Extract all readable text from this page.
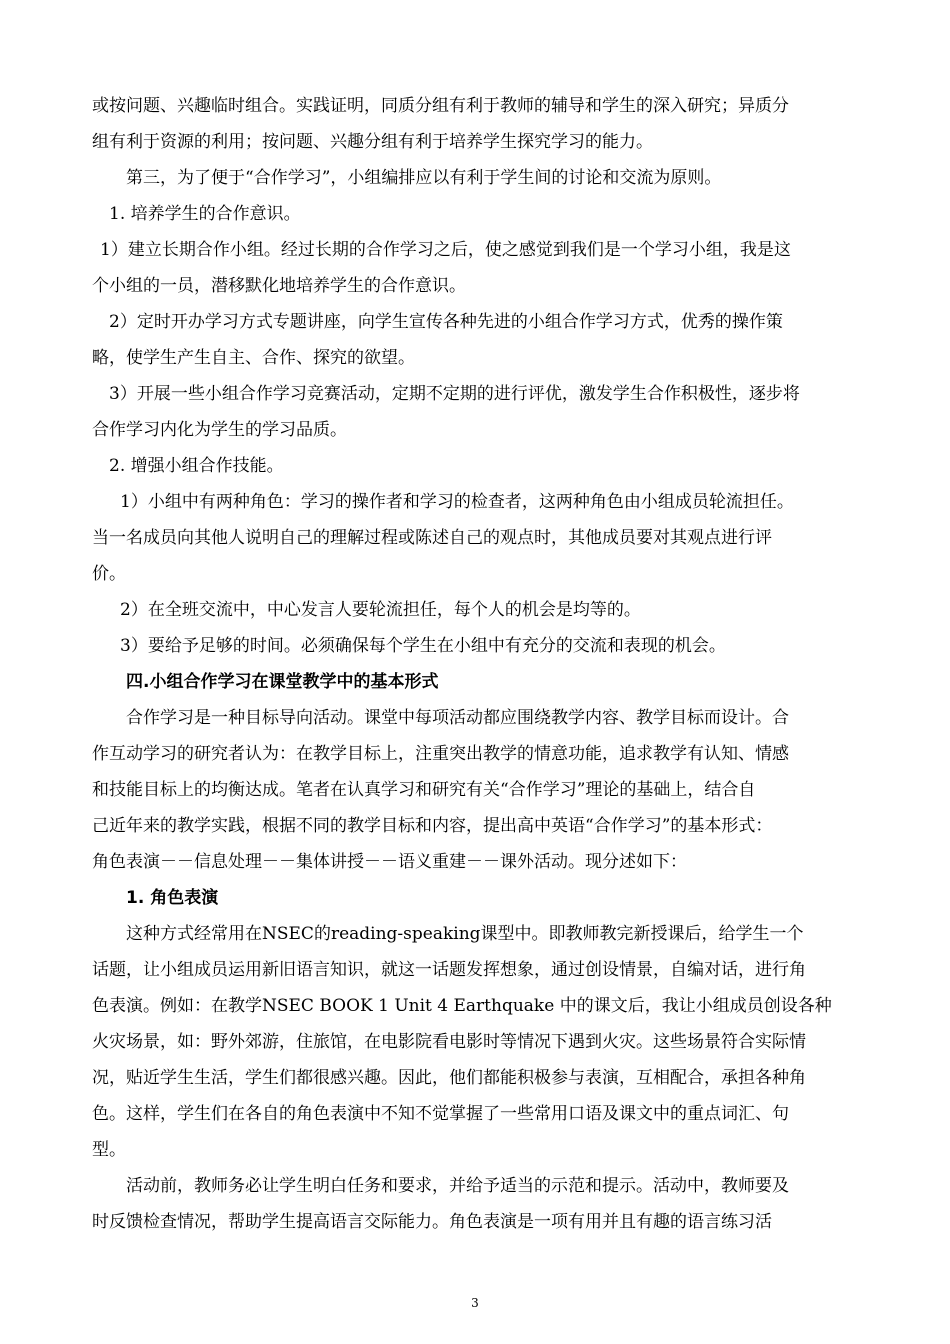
或按问题、兴趣临时组合。实践证明，同质分组有利于教师的辅导和学生的深入研究；异质分
组有利于资源的利用；按问题、兴趣分组有利于培养学生探究学习的能力。
第三，为了便于“合作学习”，小组编排应以有利于学生间的讨论和交流为原则。
1. 培养学生的合作意识。
1）建立长期合作小组。经过长期的合作学习之后，使之感觉到我们是一个学习小组，我是这
个小组的一员，潜移默化地培养学生的合作意识。
2）定时开办学习方式专题讲座，向学生宣传各种先进的小组合作学习方式，优秀的操作策
略，使学生产生自主、合作、探究的欲望。
3）开展一些小组合作学习竞赛活动，定期不定期的进行评优，激发学生合作积极性，逐步将
合作学习内化为学生的学习品质。
2. 增强小组合作技能。
1）小组中有两种角色：学习的操作者和学习的检查者，这两种角色由小组成员轮流担任。
当一名成员向其他人说明自己的理解过程或陈述自己的观点时，其他成员要对其观点进行评
价。
2）在全班交流中，中心发言人要轮流担任，每个人的机会是均等的。
3）要给予足够的时间。必须确保每个学生在小组中有充分的交流和表现的机会。
四.小组合作学习在课堂教学中的基本形式
合作学习是一种目标导向活动。课堂中每项活动都应围绕教学内容、教学目标而设计。合
作互动学习的研究者认为：在教学目标上，注重突出教学的情意功能，追求教学有认知、情感
和技能目标上的均衡达成。笔者在认真学习和研究有关“合作学习”理论的基础上，结合自
己近年来的教学实践，根据不同的教学目标和内容，提出高中英语“合作学习”的基本形式：
角色表演－－信息处理－－集体讲授－－语义重建－－课外活动。现分述如下：
1. 角色表演
这种方式经常用在NSEC的reading-speaking课型中。即教师教完新授课后，给学生一个
话题，让小组成员运用新旧语言知识，就这一话题发挥想象，通过创设情景，自编对话，进行角
色表演。例如：在教学NSEC BOOK 1 Unit 4 Earthquake 中的课文后，我让小组成员创设各种
火灾场景，如：野外郊游，住旅馆，在电影院看电影时等情况下遇到火灾。这些场景符合实际情
况，贴近学生生活，学生们都很感兴趣。因此，他们都能积极参与表演，互相配合，承担各种角
色。这样，学生们在各自的角色表演中不知不觉掌握了一些常用口语及课文中的重点词汇、句
型。
活动前，教师务必让学生明白任务和要求，并给予适当的示范和提示。活动中，教师要及
时反馈检查情况，帮助学生提高语言交际能力。角色表演是一项有用并且有趣的语言练习活
3
